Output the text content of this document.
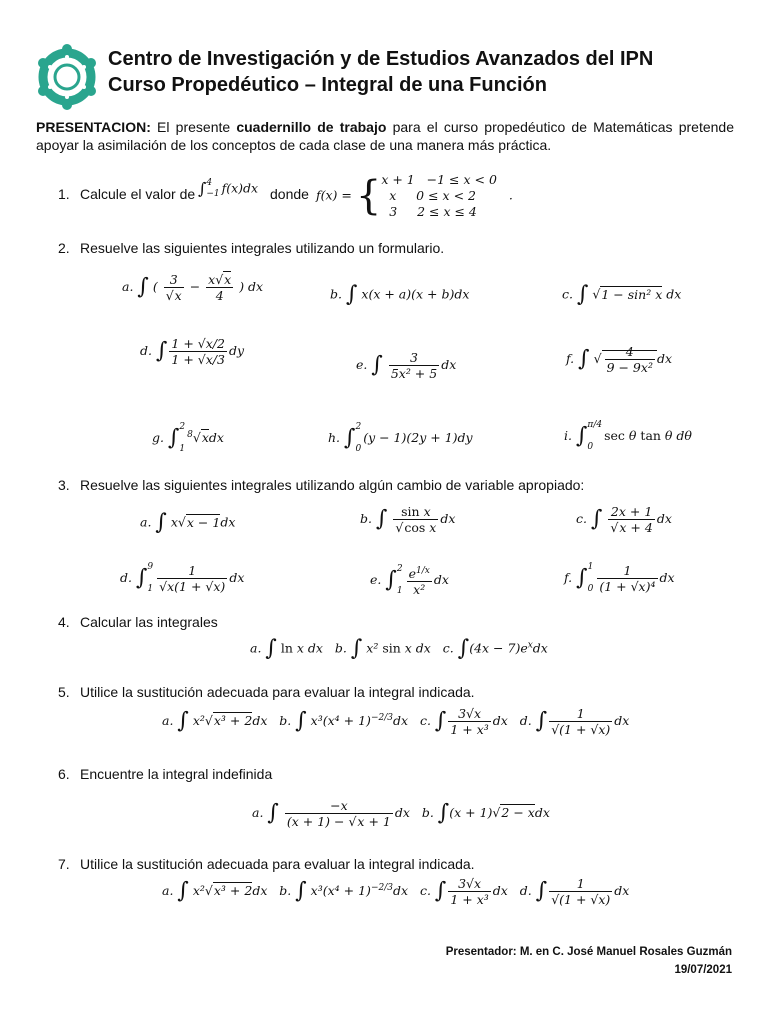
Centro de Investigación y de Estudios Avanzados del IPN
Curso Propedéutico – Integral de una Función
PRESENTACION: El presente cuadernillo de trabajo para el curso propedéutico de Matemáticas pretende apoyar la asimilación de los conceptos de cada clase de una manera más práctica.
1. Calcule el valor de ∫4
−1 f(x)dx donde f(x) = { x + 1   −1 ≤ x < 0
x     0 ≤ x < 2
3     2 ≤ x ≤ 4
.
2. Resuelve las siguientes integrales utilizando un formulario.
a. ∫ ( $\frac{3}{√x} - \frac{x√x}{4}$ ) dx	b. ∫ x(x + a)(x + b)dx	c. ∫ √1 − sin² x dx
d. ∫ $\frac{1 + √x/2}{1 + √x/3}$ dy
e. ∫ $\frac{3}{\text{5x² + 5}}$ dx	f. ∫ √ $\frac{4}{\text{9 − 9x²}}$ dx
g. ∫2

$1^8√xdx$	h. ∫2

0(y − 1)(2y + 1)dy	i. ∫π/4

0sec θ tan θ dθ
3. Resuelve las siguientes integrales utilizando algún cambio de variable apropiado:
a. ∫ x√x − 1dx	b. ∫ $\frac{\text{sin x}}{\text{√cos x}}$ dx	c. ∫ $\frac{2x + 1}{√x + 4}$ dx
d. ∫9

$1 \frac{1}{√x(1 + √x)}$ dx	e. ∫2

$1 \frac{e^{1/x}}{\text{x²}}$ dx	f. ∫1

$0 \frac{1}{\text{(1 + √x)⁴}}$ dx
4. Calcular las integrales
a. ∫ ln x dx   b. ∫ x² sin x dx   c. $\int(4x - 7)e^xdx$
5. Utilice la sustitución adecuada para evaluar la integral indicada.
a. ∫ x²√x³ + 2dx   b. ∫ $x^3(x^4 + 1)^{-2/3}dx$   c. ∫ $\frac{3√x}{\text{1 + x³}}$ dx   d. ∫ $\frac{1}{√(1 + √x)}$ dx
6. Encuentre la integral indefinida
a. ∫ $\frac{-x}{(x + 1) - √x + 1}$ dx   b. ∫(x + 1)√2 − xdx
7. Utilice la sustitución adecuada para evaluar la integral indicada.
a. ∫ x²√x³ + 2dx   b. ∫ $x^3(x^4 + 1)^{-2/3}dx$   c. ∫ $\frac{3√x}{\text{1 + x³}}$ dx   d. ∫ $\frac{1}{√(1 + √x)}$ dx
Presentador: M. en C. José Manuel Rosales Guzmán
19/07/2021
